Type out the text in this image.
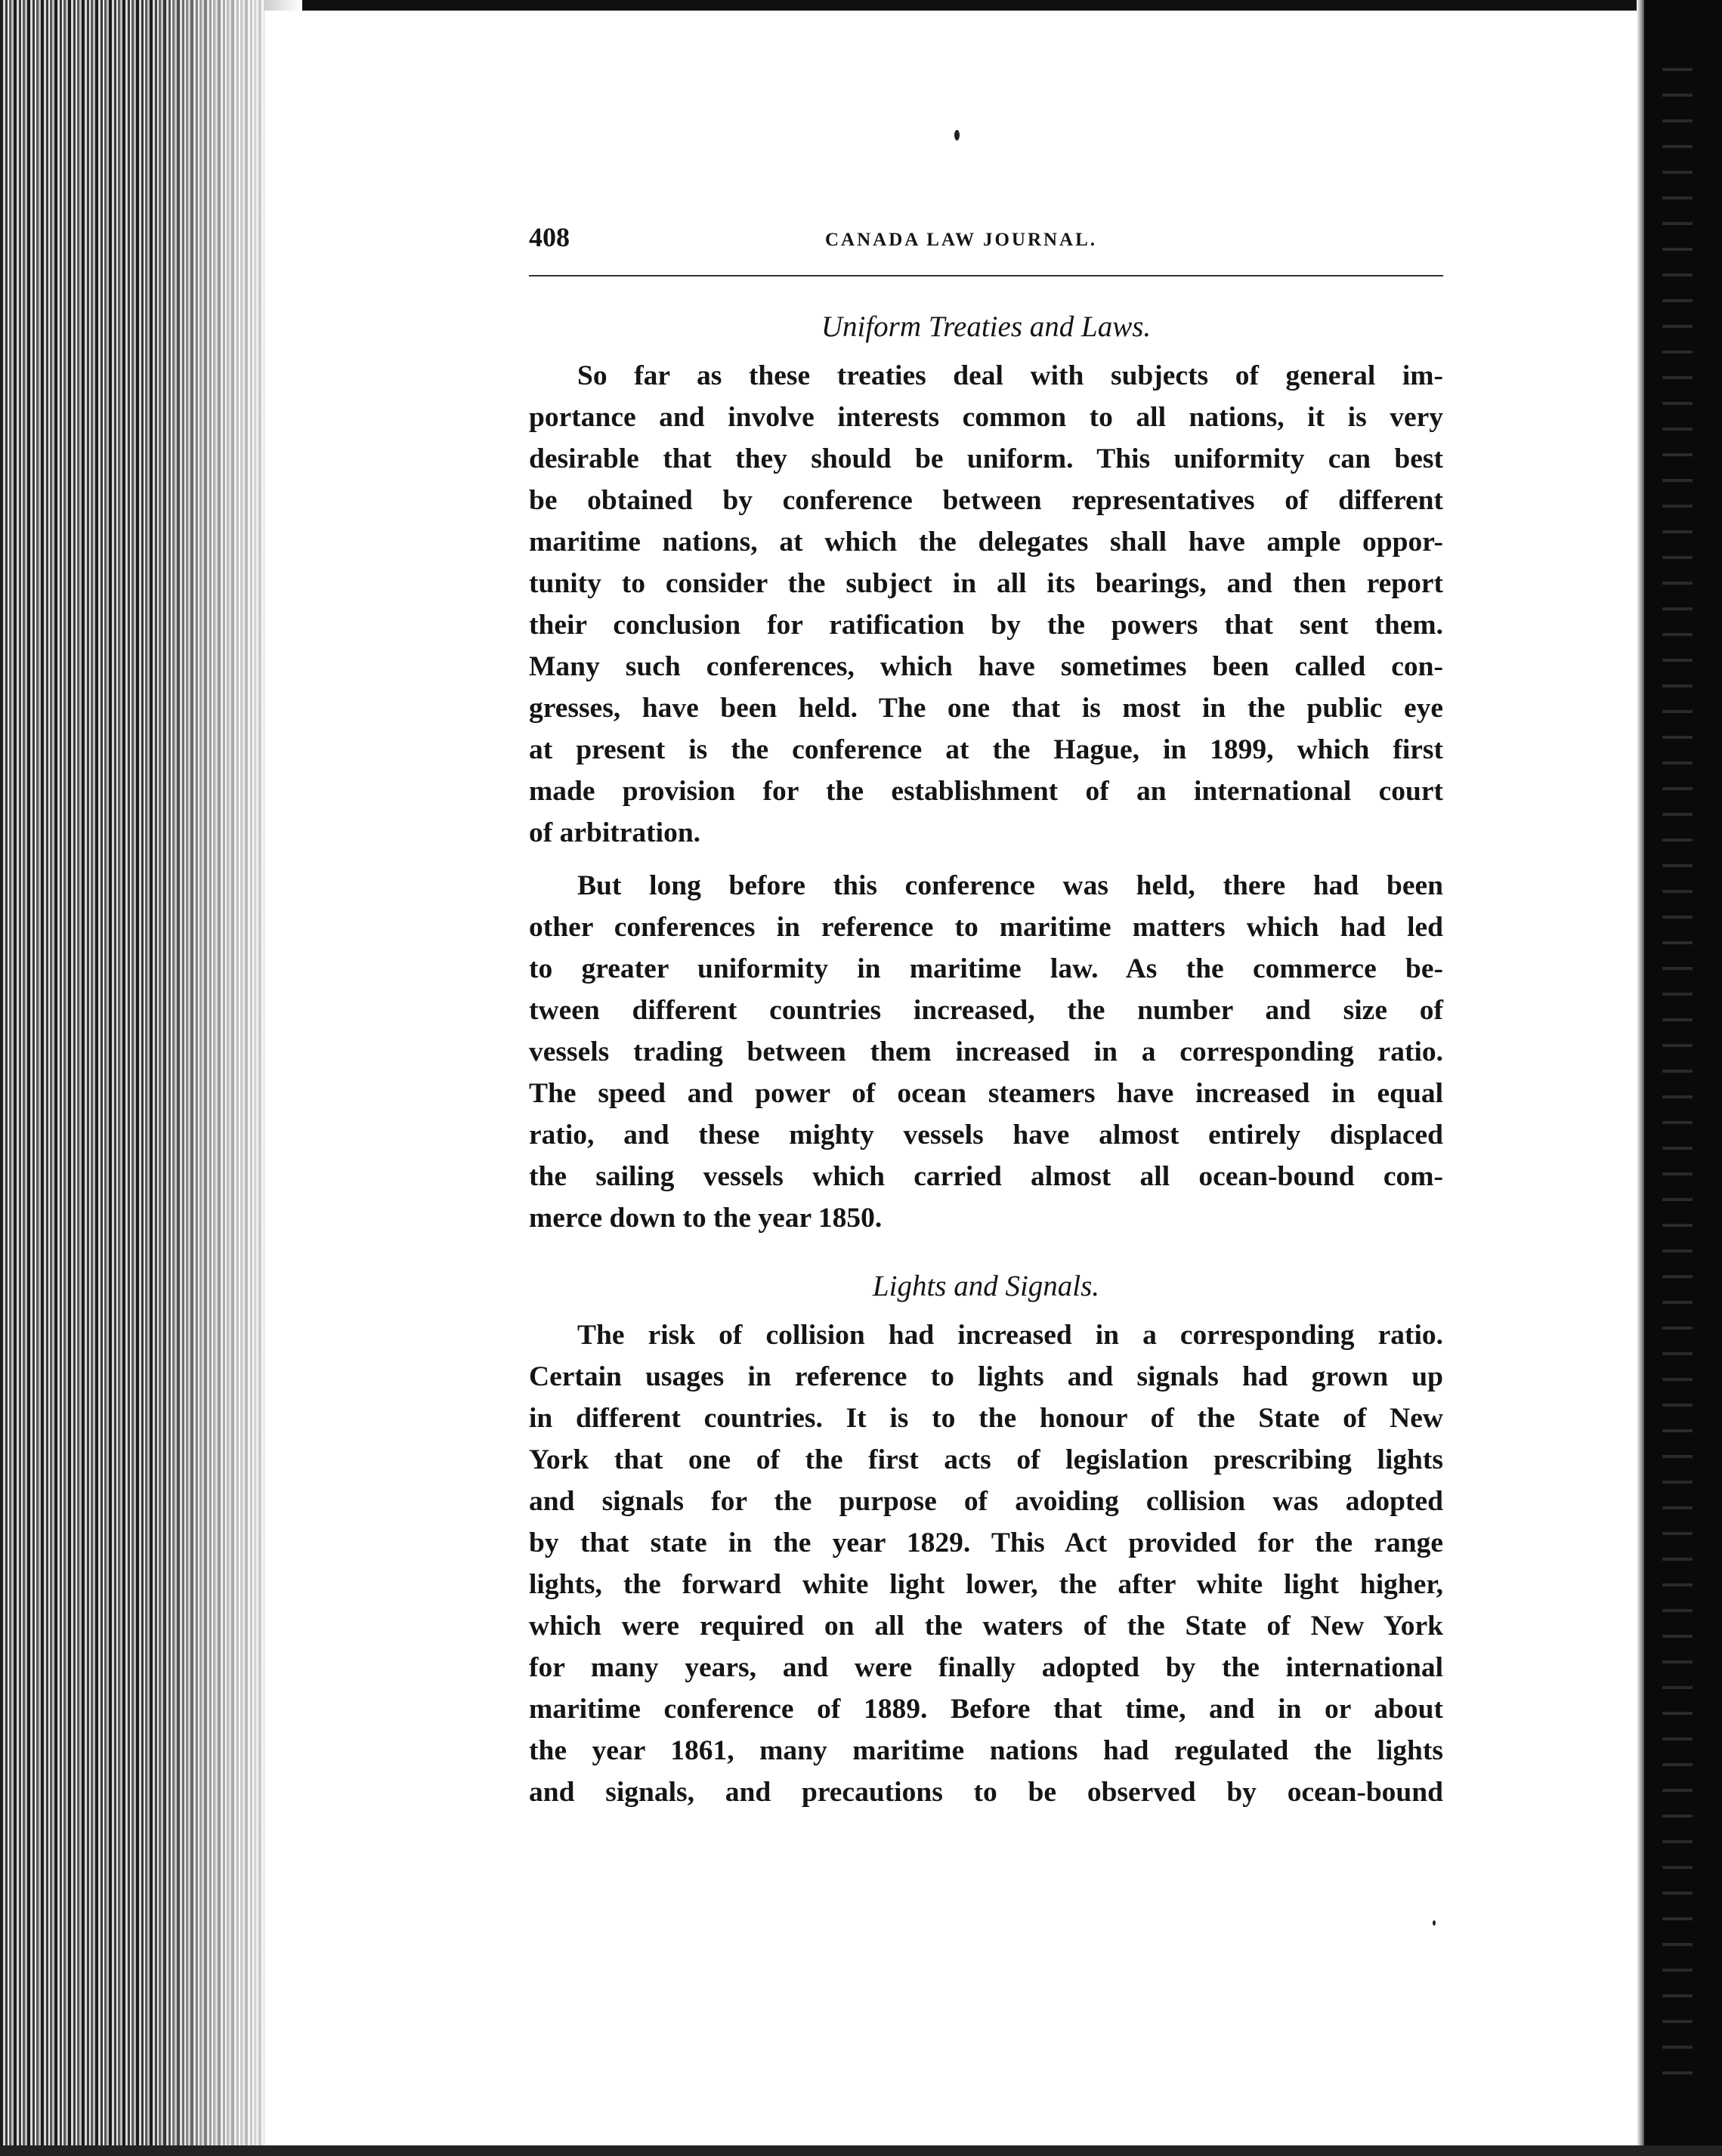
408	CANADA LAW JOURNAL.
Uniform Treaties and Laws.
So far as these treaties deal with subjects of general im-
portance and involve interests common to all nations, it is very
desirable that they should be uniform. This uniformity can best
be obtained by conference between representatives of different
maritime nations, at which the delegates shall have ample oppor-
tunity to consider the subject in all its bearings, and then report
their conclusion for ratification by the powers that sent them.
Many such conferences, which have sometimes been called con-
gresses, have been held. The one that is most in the public eye
at present is the conference at the Hague, in 1899, which first
made provision for the establishment of an international court
of arbitration.
But long before this conference was held, there had been
other conferences in reference to maritime matters which had led
to greater uniformity in maritime law. As the commerce be-
tween different countries increased, the number and size of
vessels trading between them increased in a corresponding ratio.
The speed and power of ocean steamers have increased in equal
ratio, and these mighty vessels have almost entirely displaced
the sailing vessels which carried almost all ocean-bound com-
merce down to the year 1850.
Lights and Signals.
The risk of collision had increased in a corresponding ratio.
Certain usages in reference to lights and signals had grown up
in different countries. It is to the honour of the State of New
York that one of the first acts of legislation prescribing lights
and signals for the purpose of avoiding collision was adopted
by that state in the year 1829. This Act provided for the range
lights, the forward white light lower, the after white light higher,
which were required on all the waters of the State of New York
for many years, and were finally adopted by the international
maritime conference of 1889. Before that time, and in or about
the year 1861, many maritime nations had regulated the lights
and signals, and precautions to be observed by ocean-bound
